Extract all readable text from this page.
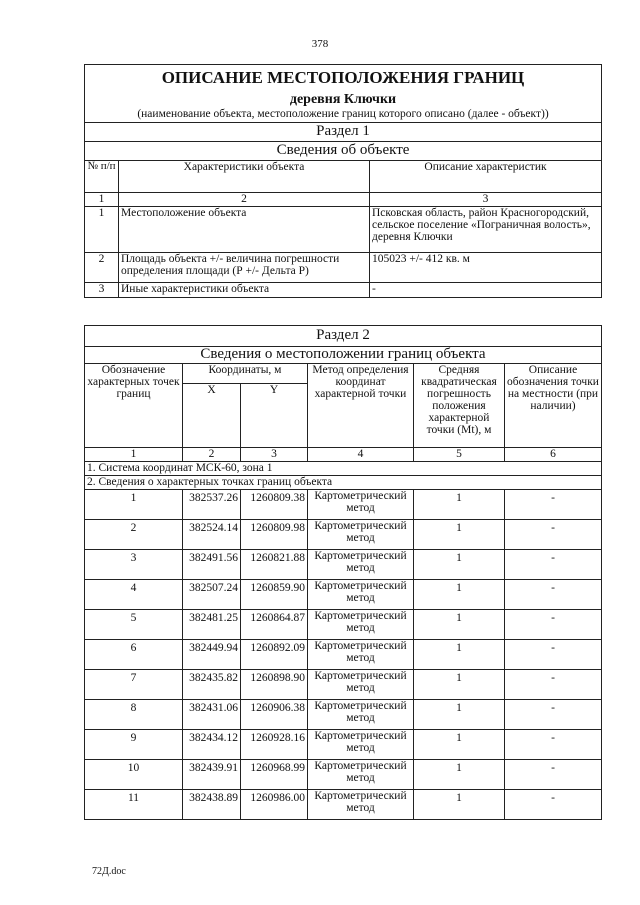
378
ОПИСАНИЕ МЕСТОПОЛОЖЕНИЯ ГРАНИЦ
деревня Ключки
(наименование объекта, местоположение границ которого описано (далее - объект))		

Раздел 1		
Сведения об объекте		
№ п/п	Характеристики объекта	Описание характеристик
1	2	3
1	Местоположение объекта	Псковская область, район Красногородский, сельское поселение «Пограничная волость», деревня Ключки
2	Площадь объекта +/- величина погрешности определения площади (Р +/- Дельта Р)	105023 +/- 412 кв. м
3	Иные характеристики объекта	-
Раздел 2					
Сведения о местоположении границ объекта					
Обозначение характерных точек границ	Координаты, м		Метод определения координат характерной точки	Средняя квадратическая погрешность положения характерной точки (Mt), м	Описание обозначения точки на местности (при наличии)
	X	Y			
1	2	3	4	5	6
1. Система координат МСК-60, зона 1					
2. Сведения о характерных точках границ объекта					
1	382537.26	1260809.38	Картометрический метод	1	-
2	382524.14	1260809.98	Картометрический метод	1	-
3	382491.56	1260821.88	Картометрический метод	1	-
4	382507.24	1260859.90	Картометрический метод	1	-
5	382481.25	1260864.87	Картометрический метод	1	-
6	382449.94	1260892.09	Картометрический метод	1	-
7	382435.82	1260898.90	Картометрический метод	1	-
8	382431.06	1260906.38	Картометрический метод	1	-
9	382434.12	1260928.16	Картометрический метод	1	-
10	382439.91	1260968.99	Картометрический метод	1	-
11	382438.89	1260986.00	Картометрический метод	1	-
72Д.doc
